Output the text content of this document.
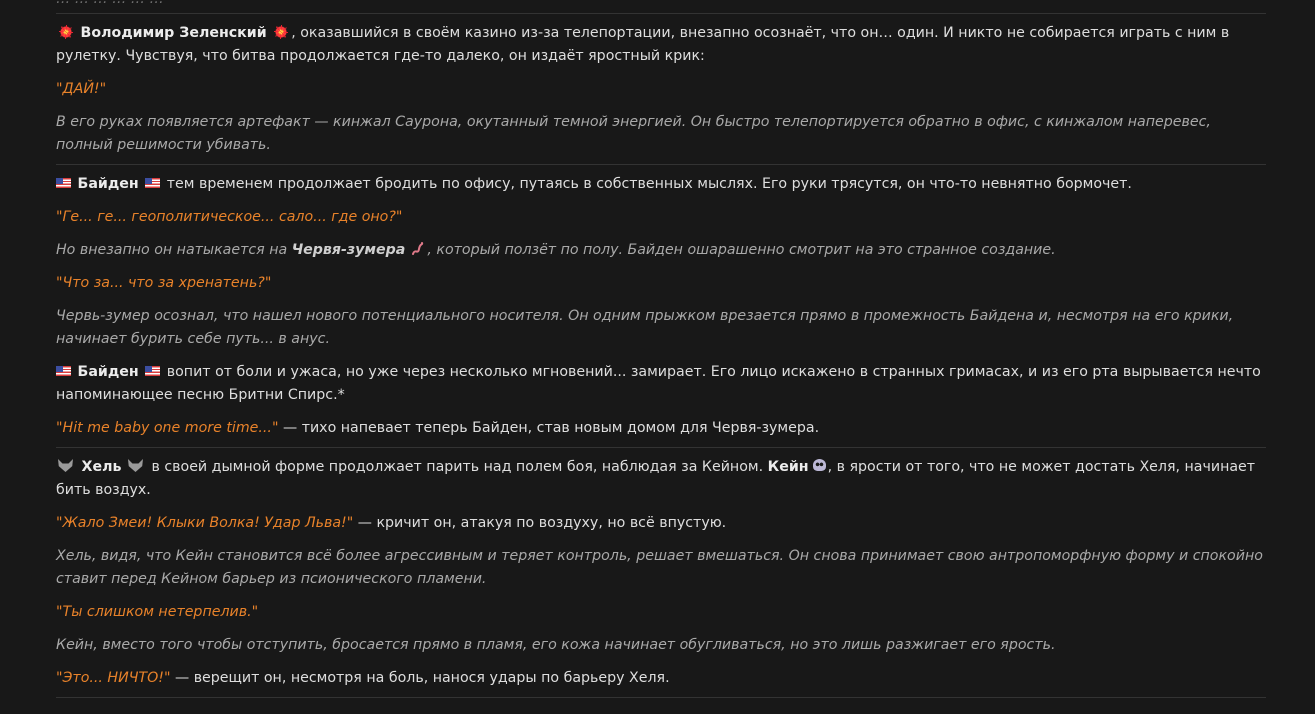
Володимир Зеленский , оказавшийся в своём казино из-за телепортации, внезапно осознаёт, что он… один. И никто не собирается играть с ним в рулетку. Чувствуя, что битва продолжается где-то далеко, он издаёт яростный крик:

"ДАЙ!"

В его руках появляется артефакт — кинжал Саурона, окутанный темной энергией. Он быстро телепортируется обратно в офис, с кинжалом наперевес, полный решимости убивать.

Байден  тем временем продолжает бродить по офису, путаясь в собственных мыслях. Его руки трясутся, он что-то невнятно бормочет.

"Ге... ге... геополитическое... сало... где оно?"

Но внезапно он натыкается на Червя-зумера , который ползёт по полу. Байден ошарашенно смотрит на это странное создание.

"Что за... что за хренатень?"

Червь-зумер осознал, что нашел нового потенциального носителя. Он одним прыжком врезается прямо в промежность Байдена и, несмотря на его крики, начинает бурить себе путь... в анус.

Байден  вопит от боли и ужаса, но уже через несколько мгновений... замирает. Его лицо искажено в странных гримасах, и из его рта вырывается нечто напоминающее песню Бритни Спирс.*

"Hit me baby one more time..." — тихо напевает теперь Байден, став новым домом для Червя-зумера.

Хель  в своей дымной форме продолжает парить над полем боя, наблюдая за Кейном. Кейн , в ярости от того, что не может достать Хеля, начинает бить воздух.

"Жало Змеи! Клыки Волка! Удар Льва!" — кричит он, атакуя по воздуху, но всё впустую.

Хель, видя, что Кейн становится всё более агрессивным и теряет контроль, решает вмешаться. Он снова принимает свою антропоморфную форму и спокойно ставит перед Кейном барьер из псионического пламени.

"Ты слишком нетерпелив."

Кейн, вместо того чтобы отступить, бросается прямо в пламя, его кожа начинает обугливаться, но это лишь разжигает его ярость.

"Это... НИЧТО!" — верещит он, несмотря на боль, нанося удары по барьеру Хеля.
